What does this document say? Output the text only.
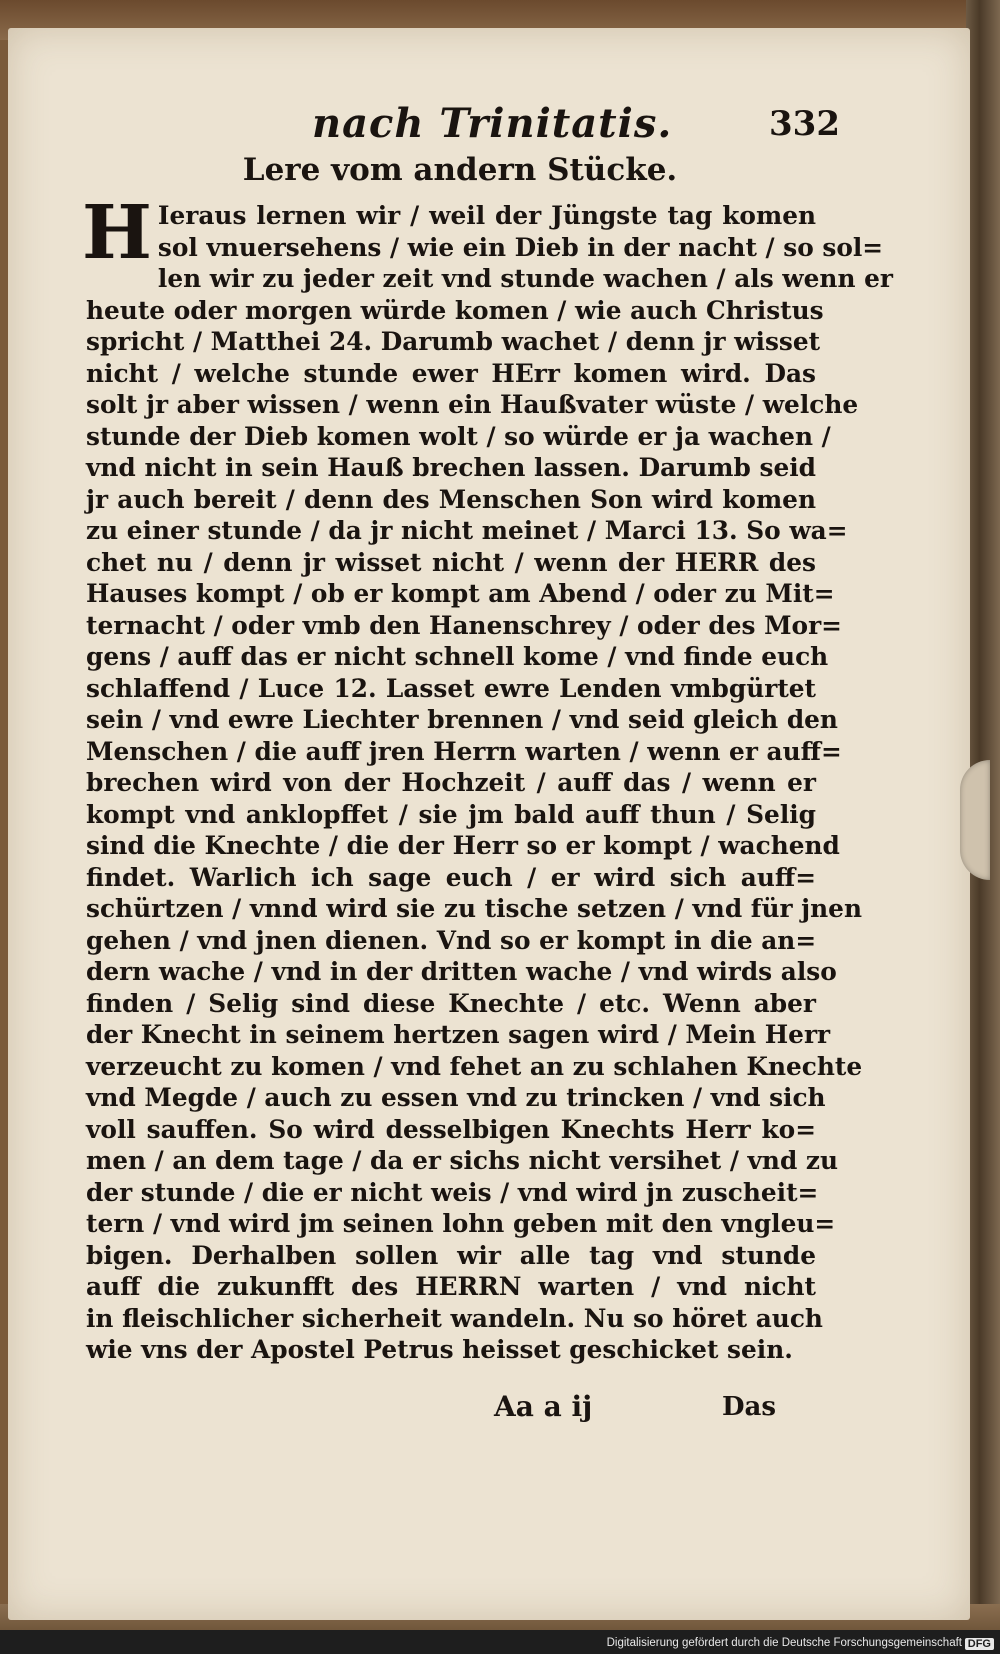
nach Trinitatis.	332
Lere vom andern Stücke.
H Ieraus lernen wir / weil der Jüngste tag komen
sol vnuersehens / wie ein Dieb in der nacht / so sol=
len wir zu jeder zeit vnd stunde wachen / als wenn er
heute oder morgen würde komen / wie auch Christus
spricht / Matthei 24. Darumb wachet / denn jr wisset
nicht / welche stunde ewer HErr komen wird. Das
solt jr aber wissen / wenn ein Haußvater wüste / welche
stunde der Dieb komen wolt / so würde er ja wachen /
vnd nicht in sein Hauß brechen lassen. Darumb seid
jr auch bereit / denn des Menschen Son wird komen
zu einer stunde / da jr nicht meinet / Marci 13. So wa=
chet nu / denn jr wisset nicht / wenn der HERR des
Hauses kompt / ob er kompt am Abend / oder zu Mit=
ternacht / oder vmb den Hanenschrey / oder des Mor=
gens / auff das er nicht schnell kome / vnd finde euch
schlaffend / Luce 12. Lasset ewre Lenden vmbgürtet
sein / vnd ewre Liechter brennen / vnd seid gleich den
Menschen / die auff jren Herrn warten / wenn er auff=
brechen wird von der Hochzeit / auff das / wenn er
kompt vnd anklopffet / sie jm bald auff thun / Selig
sind die Knechte / die der Herr so er kompt / wachend
findet. Warlich ich sage euch / er wird sich auff=
schürtzen / vnnd wird sie zu tische setzen / vnd für jnen
gehen / vnd jnen dienen. Vnd so er kompt in die an=
dern wache / vnd in der dritten wache / vnd wirds also
finden / Selig sind diese Knechte / etc. Wenn aber
der Knecht in seinem hertzen sagen wird / Mein Herr
verzeucht zu komen / vnd fehet an zu schlahen Knechte
vnd Megde / auch zu essen vnd zu trincken / vnd sich
voll sauffen. So wird desselbigen Knechts Herr ko=
men / an dem tage / da er sichs nicht versihet / vnd zu
der stunde / die er nicht weis / vnd wird jn zuscheit=
tern / vnd wird jm seinen lohn geben mit den vngleu=
bigen. Derhalben sollen wir alle tag vnd stunde
auff die zukunfft des HERRN warten / vnd nicht
in fleischlicher sicherheit wandeln. Nu so höret auch
wie vns der Apostel Petrus heisset geschicket sein.
Aa a ij	Das
Digitalisierung gefördert durch die Deutsche Forschungsgemeinschaft DFG
